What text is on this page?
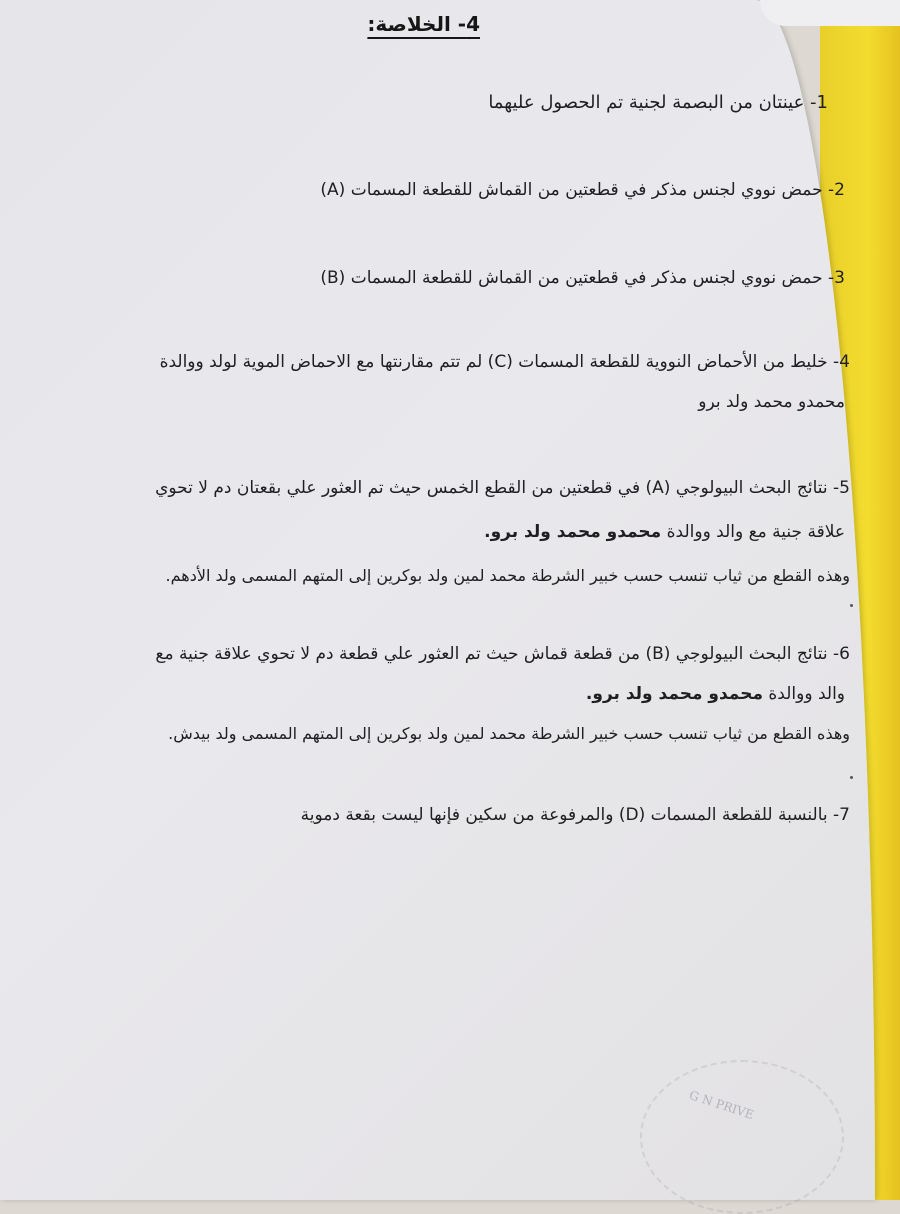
4- الخلاصة:
1- عينتان من البصمة لجنية تم الحصول عليهما
2- حمض نووي لجنس مذكر في قطعتين من القماش للقطعة المسمات (A)
3- حمض نووي لجنس مذكر في قطعتين من القماش للقطعة المسمات (B)
4- خليط من الأحماض النووية للقطعة المسمات (C) لم تتم مقارنتها مع الاحماض الموية لولد ووالدة
محمدو محمد ولد برو
5- نتائج البحث البيولوجي (A) في قطعتين من القطع الخمس حيث تم العثور علي بقعتان دم لا تحوي
علاقة جنية مع والد ووالدة محمدو محمد ولد برو.
وهذه القطع من ثياب تنسب حسب خبير الشرطة محمد لمين ولد بوكرين إلى المتهم المسمى ولد الأدهم.
6- نتائج البحث البيولوجي (B) من قطعة قماش حيث تم العثور علي قطعة دم لا تحوي علاقة جنية مع
والد ووالدة محمدو محمد ولد برو.
وهذه القطع من ثياب تنسب حسب خبير الشرطة محمد لمين ولد بوكرين إلى المتهم المسمى ولد بيدش.
7- بالنسبة للقطعة المسمات (D) والمرفوعة من سكين فإنها ليست بقعة دموية
G N PRIVE
